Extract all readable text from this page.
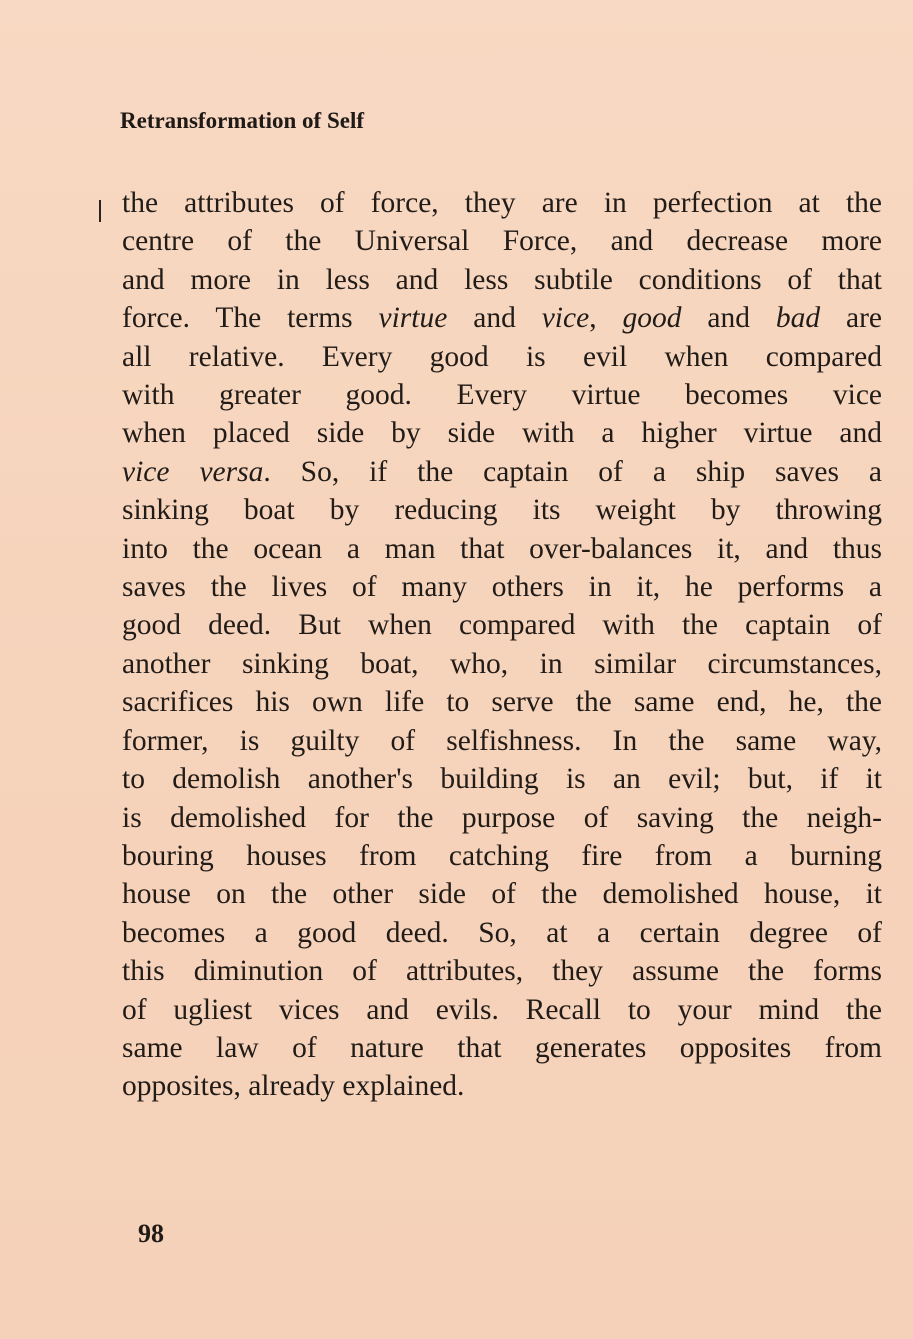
Retransformation of Self
the attributes of force, they are in perfection at the
centre of the Universal Force, and decrease more
and more in less and less subtile conditions of that
force. The terms virtue and vice, good and bad are
all relative. Every good is evil when compared
with greater good. Every virtue becomes vice
when placed side by side with a higher virtue and
vice versa. So, if the captain of a ship saves a
sinking boat by reducing its weight by throwing
into the ocean a man that over-balances it, and thus
saves the lives of many others in it, he performs a
good deed. But when compared with the captain of
another sinking boat, who, in similar circumstances,
sacrifices his own life to serve the same end, he, the
former, is guilty of selfishness. In the same way,
to demolish another's building is an evil; but, if it
is demolished for the purpose of saving the neigh-
bouring houses from catching fire from a burning
house on the other side of the demolished house, it
becomes a good deed. So, at a certain degree of
this diminution of attributes, they assume the forms
of ugliest vices and evils. Recall to your mind the
same law of nature that generates opposites from
opposites, already explained.
98
